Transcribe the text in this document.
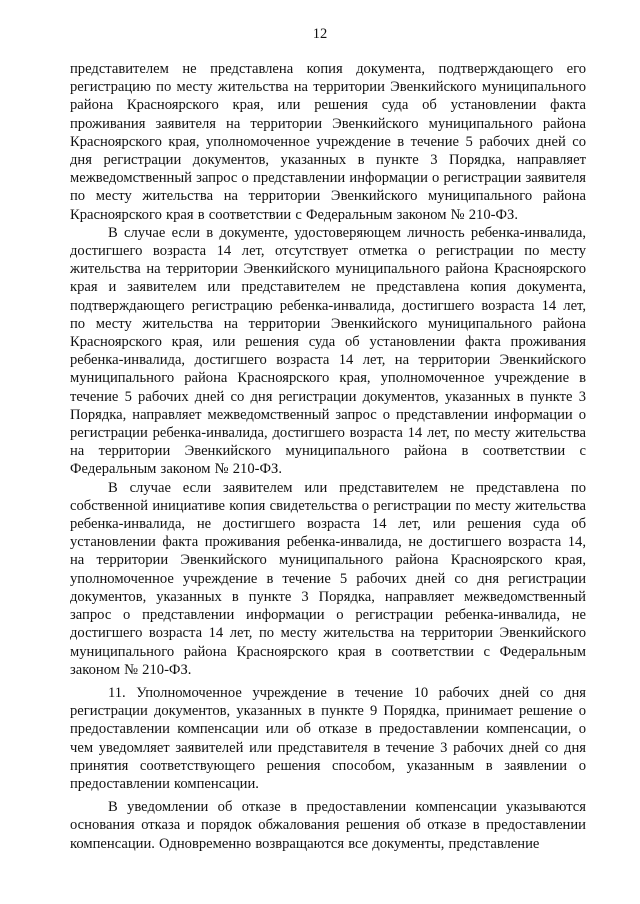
12

представителем не представлена копия документа, подтверждающего его регистрацию по месту жительства на территории Эвенкийского муниципального района Красноярского края, или решения суда об установлении факта проживания заявителя на территории Эвенкийского муниципального района Красноярского края, уполномоченное учреждение в течение 5 рабочих дней со дня регистрации документов, указанных в пункте 3 Порядка, направляет межведомственный запрос о представлении информации о регистрации заявителя по месту жительства на территории Эвенкийского муниципального района Красноярского края в соответствии с Федеральным законом № 210-ФЗ.

В случае если в документе, удостоверяющем личность ребенка-инвалида, достигшего возраста 14 лет, отсутствует отметка о регистрации по месту жительства на территории Эвенкийского муниципального района Красноярского края и заявителем или представителем не представлена копия документа, подтверждающего регистрацию ребенка-инвалида, достигшего возраста 14 лет, по месту жительства на территории Эвенкийского муниципального района Красноярского края, или решения суда об установлении факта проживания ребенка-инвалида, достигшего возраста 14 лет, на территории Эвенкийского муниципального района Красноярского края, уполномоченное учреждение в течение 5 рабочих дней со дня регистрации документов, указанных в пункте 3 Порядка, направляет межведомственный запрос о представлении информации о регистрации ребенка-инвалида, достигшего возраста 14 лет, по месту жительства на территории Эвенкийского муниципального района в соответствии с Федеральным законом № 210-ФЗ.

В случае если заявителем или представителем не представлена по собственной инициативе копия свидетельства о регистрации по месту жительства ребенка-инвалида, не достигшего возраста 14 лет, или решения суда об установлении факта проживания ребенка-инвалида, не достигшего возраста 14, на территории Эвенкийского муниципального района Красноярского края, уполномоченное учреждение в течение 5 рабочих дней со дня регистрации документов, указанных в пункте 3 Порядка, направляет межведомственный запрос о представлении информации о регистрации ребенка-инвалида, не достигшего возраста 14 лет, по месту жительства на территории Эвенкийского муниципального района Красноярского края в соответствии с Федеральным законом № 210-ФЗ.

11. Уполномоченное учреждение в течение 10 рабочих дней со дня регистрации документов, указанных в пункте 9 Порядка, принимает решение о предоставлении компенсации или об отказе в предоставлении компенсации, о чем уведомляет заявителей или представителя в течение 3 рабочих дней со дня принятия соответствующего решения способом, указанным в заявлении о предоставлении компенсации.

В уведомлении об отказе в предоставлении компенсации указываются основания отказа и порядок обжалования решения об отказе в предоставлении компенсации. Одновременно возвращаются все документы, представление
